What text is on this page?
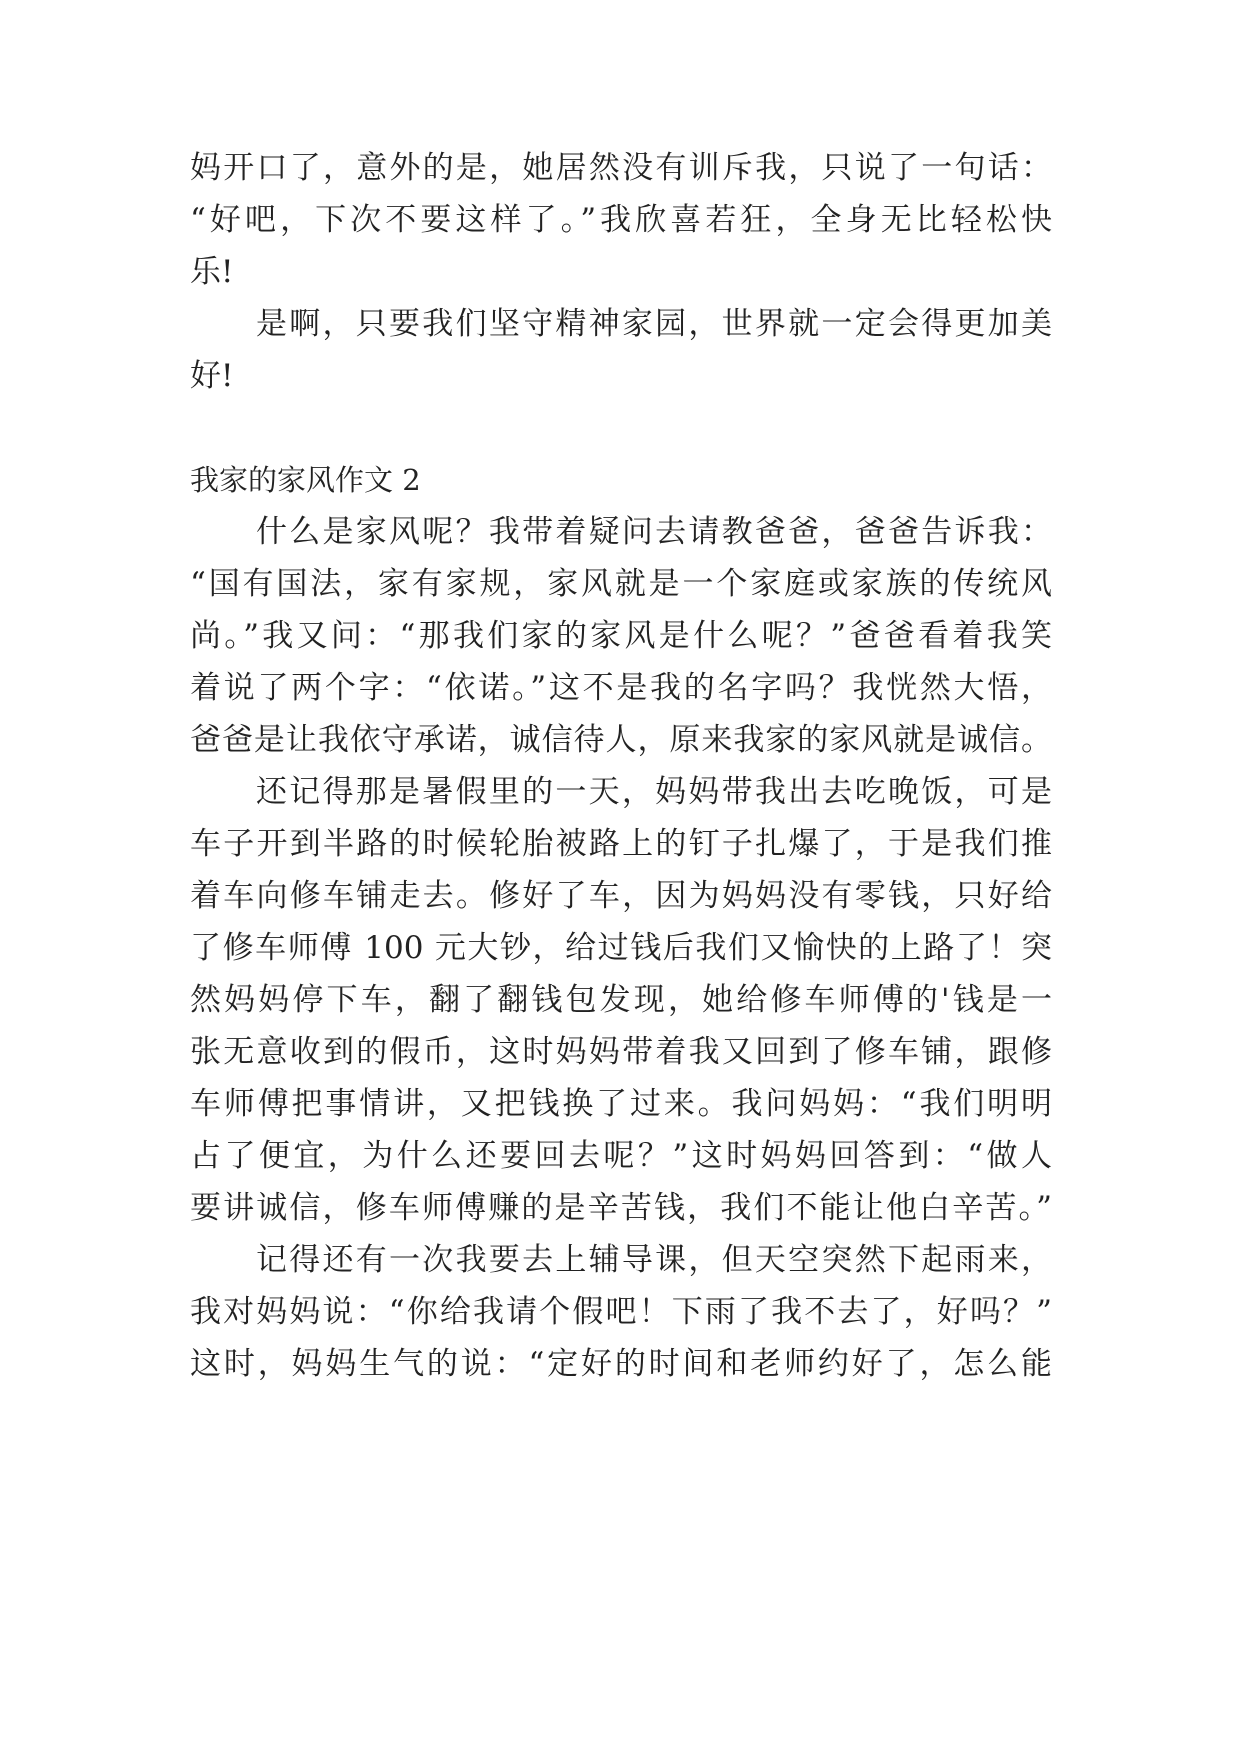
妈开口了，意外的是，她居然没有训斥我，只说了一句话：
“好吧，下次不要这样了。”我欣喜若狂，全身无比轻松快
乐!
是啊，只要我们坚守精神家园，世界就一定会得更加美
好!
我家的家风作文 2
什么是家风呢？我带着疑问去请教爸爸，爸爸告诉我：
“国有国法，家有家规，家风就是一个家庭或家族的传统风
尚。”我又问：“那我们家的家风是什么呢？”爸爸看着我笑
着说了两个字：“依诺。”这不是我的名字吗？我恍然大悟，
爸爸是让我依守承诺，诚信待人，原来我家的家风就是诚信。
还记得那是暑假里的一天，妈妈带我出去吃晚饭，可是
车子开到半路的时候轮胎被路上的钉子扎爆了，于是我们推
着车向修车铺走去。修好了车，因为妈妈没有零钱，只好给
了修车师傅 100 元大钞，给过钱后我们又愉快的上路了！突
然妈妈停下车，翻了翻钱包发现，她给修车师傅的'钱是一
张无意收到的假币，这时妈妈带着我又回到了修车铺，跟修
车师傅把事情讲，又把钱换了过来。我问妈妈：“我们明明
占了便宜，为什么还要回去呢？”这时妈妈回答到：“做人
要讲诚信，修车师傅赚的是辛苦钱，我们不能让他白辛苦。”
记得还有一次我要去上辅导课，但天空突然下起雨来，
我对妈妈说：“你给我请个假吧！下雨了我不去了，好吗？”
这时，妈妈生气的说：“定好的时间和老师约好了，怎么能
